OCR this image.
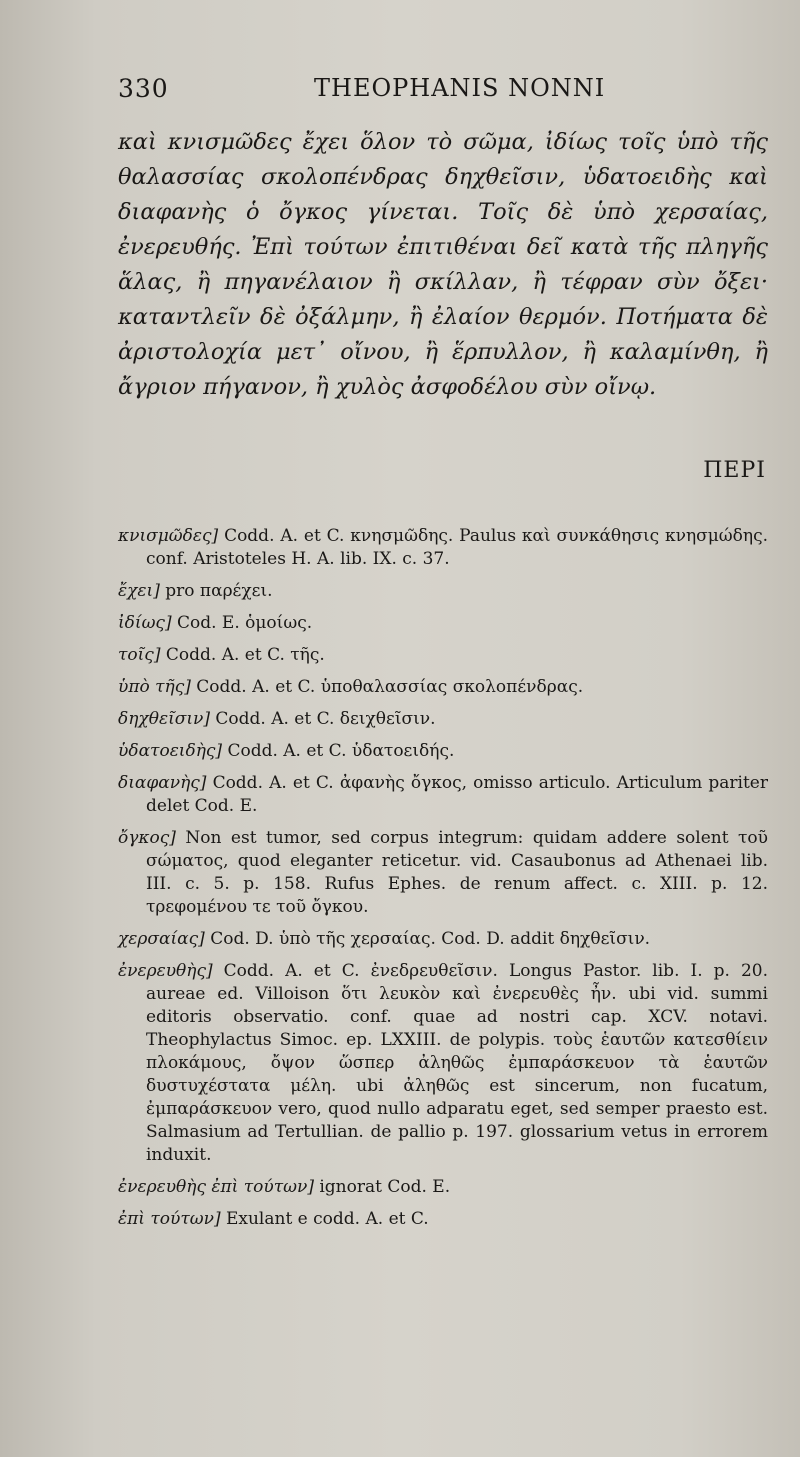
330	THEOPHANIS NONNI

καὶ κνισμῶδες ἔχει ὅλον τὸ σῶμα, ἰδίως τοῖς ὑπὸ τῆς θαλασσίας σκολοπένδρας δηχθεῖσιν, ὑδατοειδὴς καὶ διαφανὴς ὁ ὄγκος γίνεται. Τοῖς δὲ ὑπὸ χερσαίας, ἐνερευθής. Ἐπὶ τούτων ἐπιτιθέναι δεῖ κατὰ τῆς πληγῆς ἅλας, ἢ πηγανέλαιον ἢ σκίλλαν, ἢ τέφραν σὺν ὄξει· καταντλεῖν δὲ ὀξάλμην, ἢ ἐλαίον θερμόν. Ποτήματα δὲ ἀριστολοχία μετ᾽ οἴνου, ἢ ἕρπυλλον, ἢ καλαμίνθη, ἢ ἄγριον πήγανον, ἢ χυλὸς ἀσφοδέλου σὺν οἴνῳ.

ΠΕΡΙ
κνισμῶδες] Codd. A. et C. κνησμῶδης. Paulus καὶ συνκάθησις κνησμώδης. conf. Aristoteles H. A. lib. IX. c. 37.
ἔχει] pro παρέχει.
ἰδίως] Cod. E. ὁμοίως.
τοῖς] Codd. A. et C. τῆς.
ὑπὸ τῆς] Codd. A. et C. ὑποθαλασσίας σκολοπένδρας.
δηχθεῖσιν] Codd. A. et C. δειχθεῖσιν.
ὑδατοειδὴς] Codd. A. et C. ὑδατοειδής.
διαφανὴς] Codd. A. et C. ἀφανὴς ὄγκος, omisso articulo. Articulum pariter delet Cod. E.
ὄγκος] Non est tumor, sed corpus integrum: quidam addere solent τοῦ σώματος, quod eleganter reticetur. vid. Casaubonus ad Athenaei lib. III. c. 5. p. 158. Rufus Ephes. de renum affect. c. XIII. p. 12. τρεφομένου τε τοῦ ὄγκου.
χερσαίας] Cod. D. ὑπὸ τῆς χερσαίας. Cod. D. addit δηχθεῖσιν.
ἐνερευθὴς] Codd. A. et C. ἐνεδρευθεῖσιν. Longus Pastor. lib. I. p. 20. aureae ed. Villoison ὅτι λευκὸν καὶ ἐνερευθὲς ἦν. ubi vid. summi editoris observatio. conf. quae ad nostri cap. XCV. notavi. Theophylactus Simoc. ep. LXXIII. de polypis. τοὺς ἑαυτῶν κατεσθίειν πλοκάμους, ὄψον ὥσπερ ἀληθῶς ἐμπαράσκευον τὰ ἑαυτῶν δυστυχέστατα μέλη. ubi ἀληθῶς est sincerum, non fucatum, ἐμπαράσκευον vero, quod nullo adparatu eget, sed semper praesto est. Salmasium ad Tertullian. de pallio p. 197. glossarium vetus in errorem induxit.
ἐνερευθὴς ἐπὶ τούτων] ignorat Cod. E.
ἐπὶ τούτων] Exulant e codd. A. et C.
